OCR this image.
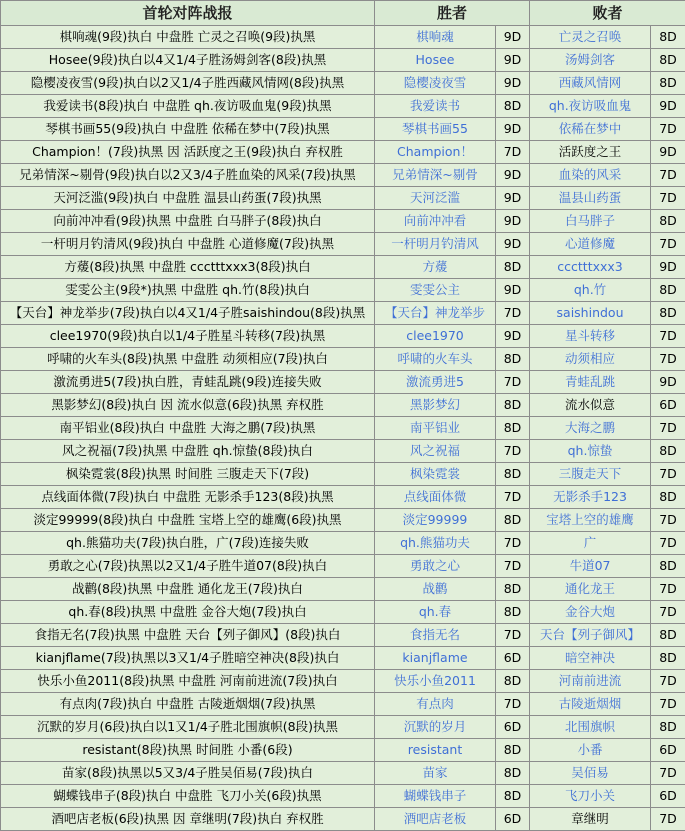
首轮对阵战报	胜者		败者	
棋响魂(9段)执白 中盘胜 亡灵之召唤(9段)执黑	棋响魂	9D	亡灵之召唤	8D
Hosee(9段)执白以4又1/4子胜汤姆剑客(8段)执黑	Hosee	9D	汤姆剑客	8D
隐樱凌夜雪(9段)执白以2又1/4子胜西藏风情网(8段)执黑	隐樱凌夜雪	9D	西藏风情网	8D
我爱读书(8段)执白 中盘胜 qh.夜访吸血鬼(9段)执黑	我爱读书	8D	qh.夜访吸血鬼	9D
琴棋书画55(9段)执白 中盘胜 依稀在梦中(7段)执黑	琴棋书画55	9D	依稀在梦中	7D
Champion！(7段)执黑 因 活跃度之王(9段)执白 弃权胜	Champion！	7D	活跃度之王	9D
兄弟情深~剔骨(9段)执白以2又3/4子胜血染的风采(7段)执黑	兄弟情深~剔骨	9D	血染的风采	7D
天河泛滥(9段)执白 中盘胜 温县山药蛋(7段)执黑	天河泛滥	9D	温县山药蛋	7D
向前冲冲看(9段)执黑 中盘胜 白马胖子(8段)执白	向前冲冲看	9D	白马胖子	8D
一杆明月钓清风(9段)执白 中盘胜 心道修魔(7段)执黑	一杆明月钓清风	9D	心道修魔	7D
方蕿(8段)执黑 中盘胜 ccctttxxx3(8段)执白	方蕿	8D	ccctttxxx3	9D
雯雯公主(9段*)执黑 中盘胜 qh.竹(8段)执白	雯雯公主	9D	qh.竹	8D
【天台】神龙举步(7段)执白以4又1/4子胜saishindou(8段)执黑	【天台】神龙举步	7D	saishindou	8D
clee1970(9段)执白以1/4子胜星斗转移(7段)执黑	clee1970	9D	星斗转移	7D
呼啸的火车头(8段)执黑 中盘胜 动须相应(7段)执白	呼啸的火车头	8D	动须相应	7D
激流勇进5(7段)执白胜，青蛙乱跳(9段)连接失败	激流勇进5	7D	青蛙乱跳	9D
黑影梦幻(8段)执白 因 流水似意(6段)执黑 弃权胜	黑影梦幻	8D	流水似意	6D
南平铝业(8段)执白 中盘胜 大海之鹏(7段)执黑	南平铝业	8D	大海之鹏	7D
风之祝福(7段)执黑 中盘胜 qh.惊蛰(8段)执白	风之祝福	7D	qh.惊蛰	8D
枫染霓裳(8段)执黑 时间胜 三腹走天下(7段)	枫染霓裳	8D	三腹走天下	7D
点线面体微(7段)执白 中盘胜 无影杀手123(8段)执黑	点线面体微	7D	无影杀手123	8D
淡定99999(8段)执白 中盘胜 宝塔上空的雄鹰(6段)执黑	淡定99999	8D	宝塔上空的雄鹰	7D
qh.熊猫功夫(7段)执白胜，广(7段)连接失败	qh.熊猫功夫	7D	广	7D
勇敢之心(7段)执黑以2又1/4子胜牛道07(8段)执白	勇敢之心	7D	牛道07	8D
战鹳(8段)执黑 中盘胜 通化龙王(7段)执白	战鹳	8D	通化龙王	7D
qh.春(8段)执黑 中盘胜 金谷大炮(7段)执白	qh.春	8D	金谷大炮	7D
食指无名(7段)执黑 中盘胜 天台【列子御风】(8段)执白	食指无名	7D	天台【列子御风】	8D
kianjflame(7段)执黑以3又1/4子胜暗空神决(8段)执白	kianjflame	6D	暗空神决	8D
快乐小鱼2011(8段)执黑 中盘胜 河南前进流(7段)执白	快乐小鱼2011	8D	河南前进流	7D
有点肉(7段)执白 中盘胜 古陵逝烟烟(7段)执黑	有点肉	7D	古陵逝烟烟	7D
沉默的岁月(6段)执白以1又1/4子胜北围旗帜(8段)执黑	沉默的岁月	6D	北围旗帜	8D
resistant(8段)执黑 时间胜 小番(6段)	resistant	8D	小番	6D
苗家(8段)执黑以5又3/4子胜吴佰易(7段)执白	苗家	8D	吴佰易	7D
蝴蝶钱串子(8段)执白 中盘胜 飞刀小关(6段)执黑	蝴蝶钱串子	8D	飞刀小关	6D
酒吧店老板(6段)执黑 因 章继明(7段)执白 弃权胜	酒吧店老板	6D	章继明	7D
